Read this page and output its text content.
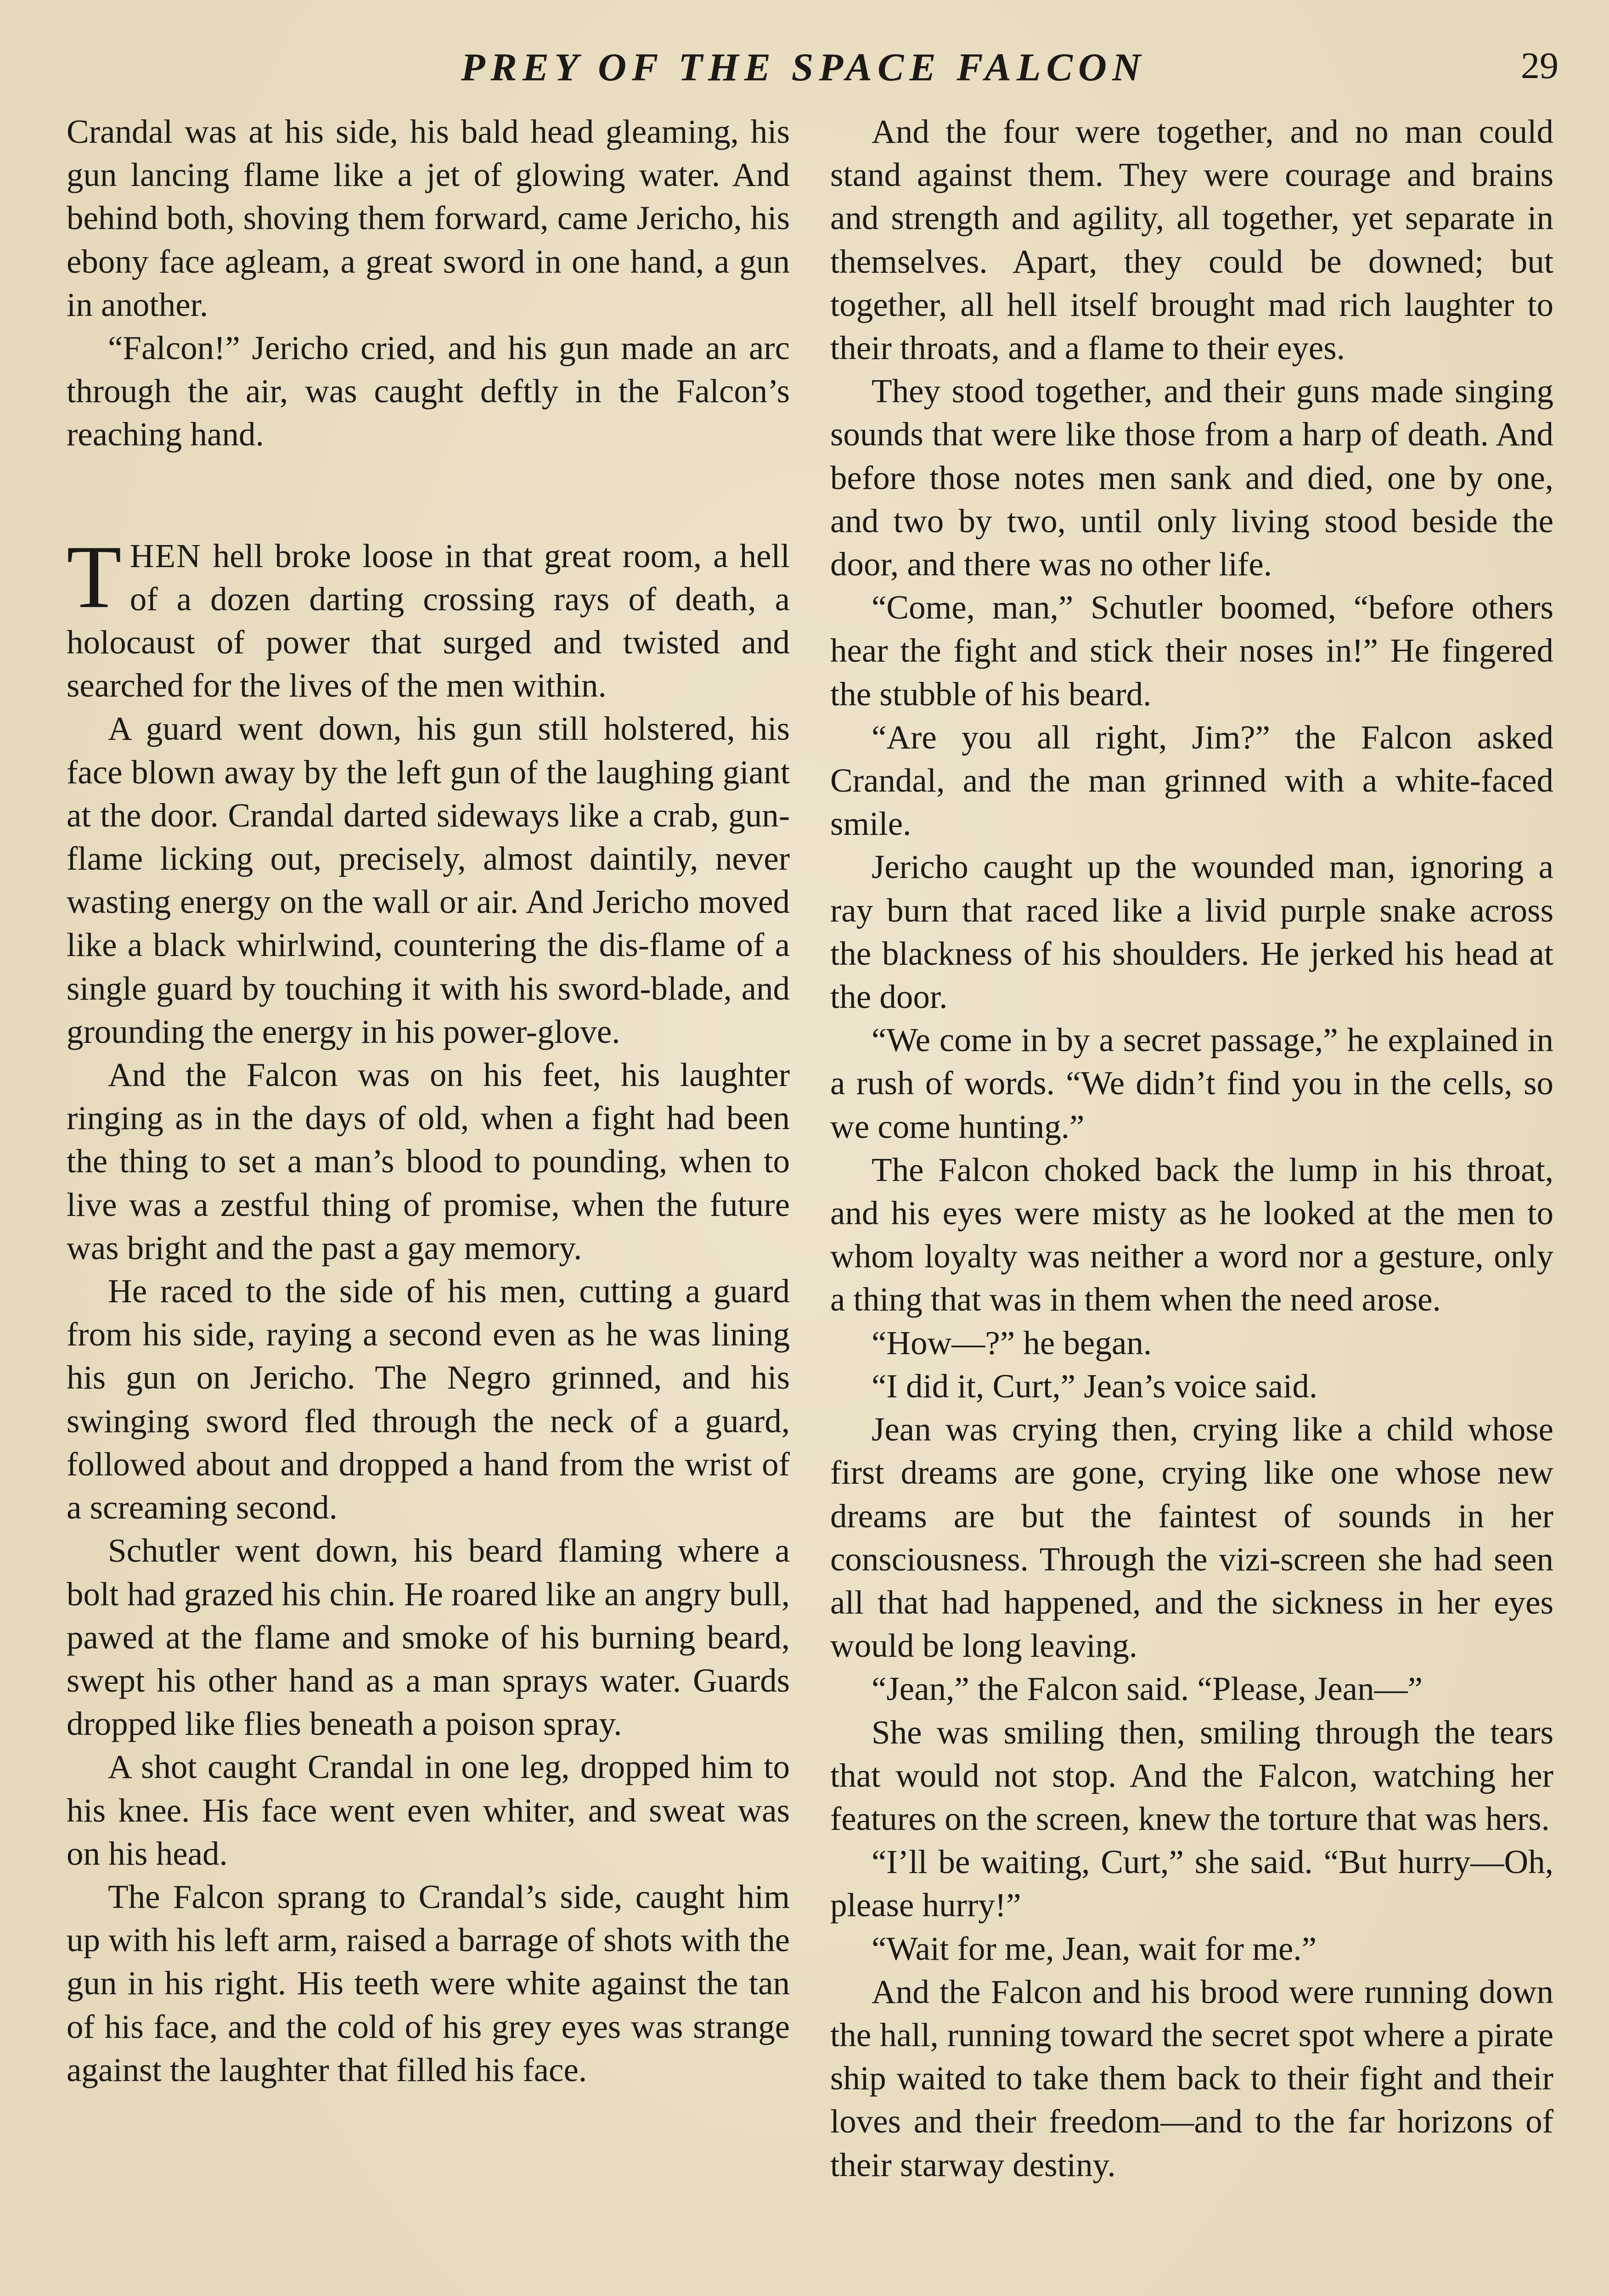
PREY OF THE SPACE FALCON	29

Crandal was at his side, his bald head gleaming, his gun lancing flame like a jet of glowing water. And behind both, shoving them forward, came Jericho, his ebony face agleam, a great sword in one hand, a gun in another.

“Falcon!” Jericho cried, and his gun made an arc through the air, was caught deftly in the Falcon’s reaching hand.

THEN hell broke loose in that great room, a hell of a dozen darting crossing rays of death, a holocaust of power that surged and twisted and searched for the lives of the men within.

A guard went down, his gun still holstered, his face blown away by the left gun of the laughing giant at the door. Crandal darted sideways like a crab, gun-flame licking out, precisely, almost daintily, never wasting energy on the wall or air. And Jericho moved like a black whirlwind, countering the dis-flame of a single guard by touching it with his sword-blade, and grounding the energy in his power-glove.

And the Falcon was on his feet, his laughter ringing as in the days of old, when a fight had been the thing to set a man’s blood to pounding, when to live was a zestful thing of promise, when the future was bright and the past a gay memory.

He raced to the side of his men, cutting a guard from his side, raying a second even as he was lining his gun on Jericho. The Negro grinned, and his swinging sword fled through the neck of a guard, followed about and dropped a hand from the wrist of a screaming second.

Schutler went down, his beard flaming where a bolt had grazed his chin. He roared like an angry bull, pawed at the flame and smoke of his burning beard, swept his other hand as a man sprays water. Guards dropped like flies beneath a poison spray.

A shot caught Crandal in one leg, dropped him to his knee. His face went even whiter, and sweat was on his head.

The Falcon sprang to Crandal’s side, caught him up with his left arm, raised a barrage of shots with the gun in his right. His teeth were white against the tan of his face, and the cold of his grey eyes was strange against the laughter that filled his face.

And the four were together, and no man could stand against them. They were courage and brains and strength and agility, all together, yet separate in themselves. Apart, they could be downed; but together, all hell itself brought mad rich laughter to their throats, and a flame to their eyes.

They stood together, and their guns made singing sounds that were like those from a harp of death. And before those notes men sank and died, one by one, and two by two, until only living stood beside the door, and there was no other life.

“Come, man,” Schutler boomed, “before others hear the fight and stick their noses in!” He fingered the stubble of his beard.

“Are you all right, Jim?” the Falcon asked Crandal, and the man grinned with a white-faced smile.

Jericho caught up the wounded man, ignoring a ray burn that raced like a livid purple snake across the blackness of his shoulders. He jerked his head at the door.

“We come in by a secret passage,” he explained in a rush of words. “We didn’t find you in the cells, so we come hunting.”

The Falcon choked back the lump in his throat, and his eyes were misty as he looked at the men to whom loyalty was neither a word nor a gesture, only a thing that was in them when the need arose.

“How—?” he began.

“I did it, Curt,” Jean’s voice said.

Jean was crying then, crying like a child whose first dreams are gone, crying like one whose new dreams are but the faintest of sounds in her consciousness. Through the vizi-screen she had seen all that had happened, and the sickness in her eyes would be long leaving.

“Jean,” the Falcon said. “Please, Jean—”

She was smiling then, smiling through the tears that would not stop. And the Falcon, watching her features on the screen, knew the torture that was hers.

“I’ll be waiting, Curt,” she said. “But hurry—Oh, please hurry!”

“Wait for me, Jean, wait for me.”

And the Falcon and his brood were running down the hall, running toward the secret spot where a pirate ship waited to take them back to their fight and their loves and their freedom—and to the far horizons of their starway destiny.
